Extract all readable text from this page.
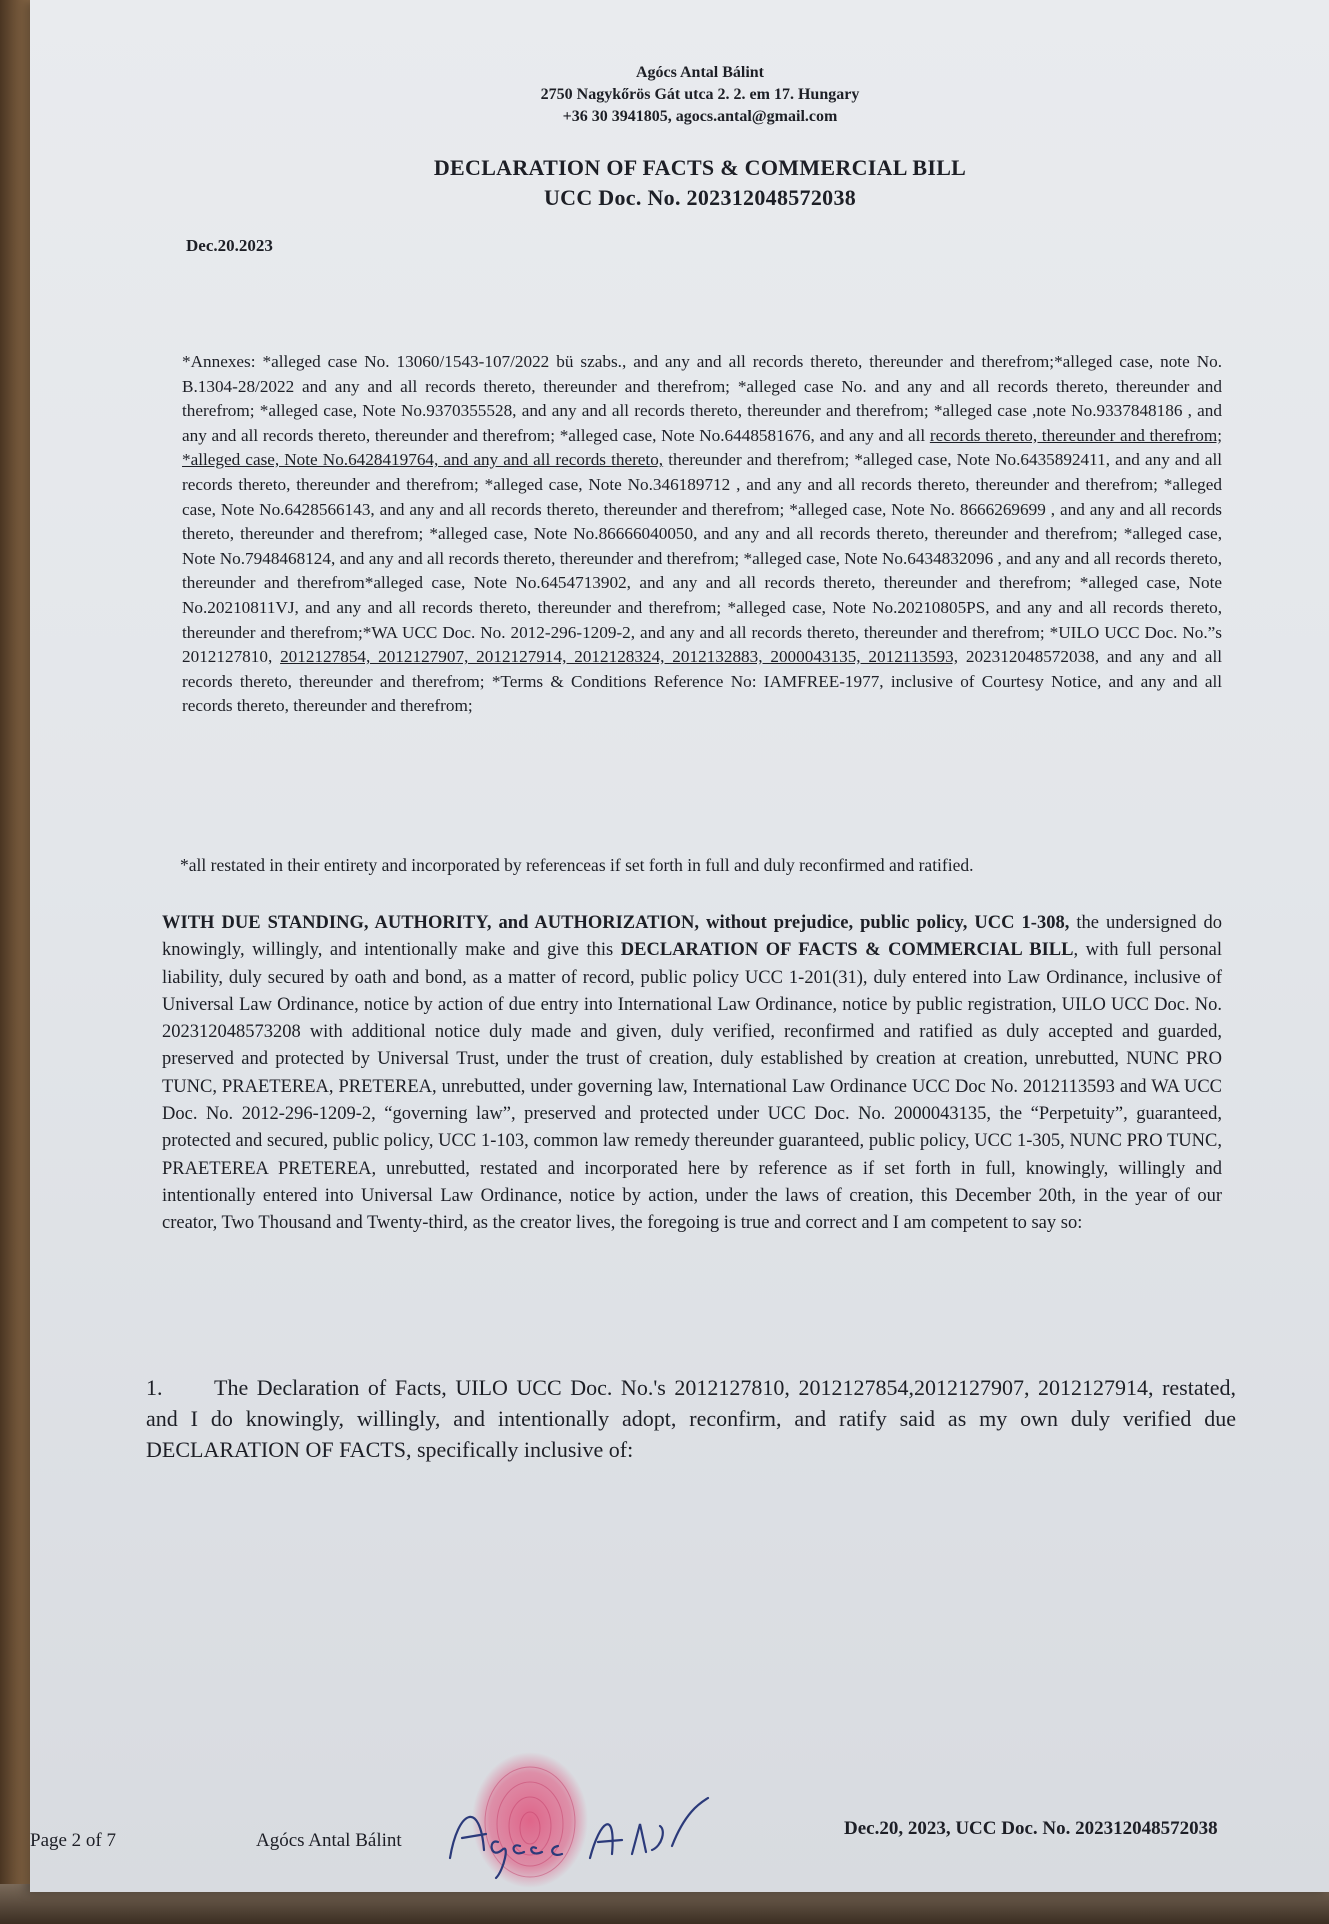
Agócs Antal Bálint
2750 Nagykőrös Gát utca 2. 2. em 17. Hungary
+36 30 3941805, agocs.antal@gmail.com
DECLARATION OF FACTS & COMMERCIAL BILL
UCC Doc. No. 202312048572038
Dec.20.2023
*Annexes: *alleged case No. 13060/1543-107/2022 bü szabs., and any and all records thereto, thereunder and therefrom;*alleged case, note No. B.1304-28/2022 and any and all records thereto, thereunder and therefrom; *alleged case No. and any and all records thereto, thereunder and therefrom; *alleged case, Note No.9370355528, and any and all records thereto, thereunder and therefrom; *alleged case ,note No.9337848186 , and any and all records thereto, thereunder and therefrom; *alleged case, Note No.6448581676, and any and all records thereto, thereunder and therefrom; *alleged case, Note No.6428419764, and any and all records thereto, thereunder and therefrom; *alleged case, Note No.6435892411, and any and all records thereto, thereunder and therefrom; *alleged case, Note No.346189712 , and any and all records thereto, thereunder and therefrom; *alleged case, Note No.6428566143, and any and all records thereto, thereunder and therefrom; *alleged case, Note No. 8666269699 , and any and all records thereto, thereunder and therefrom; *alleged case, Note No.86666040050, and any and all records thereto, thereunder and therefrom; *alleged case, Note No.7948468124, and any and all records thereto, thereunder and therefrom; *alleged case, Note No.6434832096 , and any and all records thereto, thereunder and therefrom*alleged case, Note No.6454713902, and any and all records thereto, thereunder and therefrom; *alleged case, Note No.20210811VJ, and any and all records thereto, thereunder and therefrom; *alleged case, Note No.20210805PS, and any and all records thereto, thereunder and therefrom;*WA UCC Doc. No. 2012-296-1209-2, and any and all records thereto, thereunder and therefrom; *UILO UCC Doc. No.”s 2012127810, 2012127854, 2012127907, 2012127914, 2012128324, 2012132883, 2000043135, 2012113593, 202312048572038, and any and all records thereto, thereunder and therefrom; *Terms & Conditions Reference No: IAMFREE-1977, inclusive of Courtesy Notice, and any and all records thereto, thereunder and therefrom;
*all restated in their entirety and incorporated by referenceas if set forth in full and duly reconfirmed and ratified.
WITH DUE STANDING, AUTHORITY, and AUTHORIZATION, without prejudice, public policy, UCC 1-308, the undersigned do knowingly, willingly, and intentionally make and give this DECLARATION OF FACTS & COMMERCIAL BILL, with full personal liability, duly secured by oath and bond, as a matter of record, public policy UCC 1-201(31), duly entered into Law Ordinance, inclusive of Universal Law Ordinance, notice by action of due entry into International Law Ordinance, notice by public registration, UILO UCC Doc. No. 202312048573208 with additional notice duly made and given, duly verified, reconfirmed and ratified as duly accepted and guarded, preserved and protected by Universal Trust, under the trust of creation, duly established by creation at creation, unrebutted, NUNC PRO TUNC, PRAETEREA, PRETEREA, unrebutted, under governing law, International Law Ordinance UCC Doc No. 2012113593 and WA UCC Doc. No. 2012-296-1209-2, “governing law”, preserved and protected under UCC Doc. No. 2000043135, the “Perpetuity”, guaranteed, protected and secured, public policy, UCC 1-103, common law remedy thereunder guaranteed, public policy, UCC 1-305, NUNC PRO TUNC, PRAETEREA PRETEREA, unrebutted, restated and incorporated here by reference as if set forth in full, knowingly, willingly and intentionally entered into Universal Law Ordinance, notice by action, under the laws of creation, this December 20th, in the year of our creator, Two Thousand and Twenty-third, as the creator lives, the foregoing is true and correct and I am competent to say so:
1. The Declaration of Facts, UILO UCC Doc. No.'s 2012127810, 2012127854,2012127907, 2012127914, restated, and I do knowingly, willingly, and intentionally adopt, reconfirm, and ratify said as my own duly verified due DECLARATION OF FACTS, specifically inclusive of:
Page 2 of 7	Agócs Antal Bálint
Dec.20, 2023, UCC Doc. No. 202312048572038
